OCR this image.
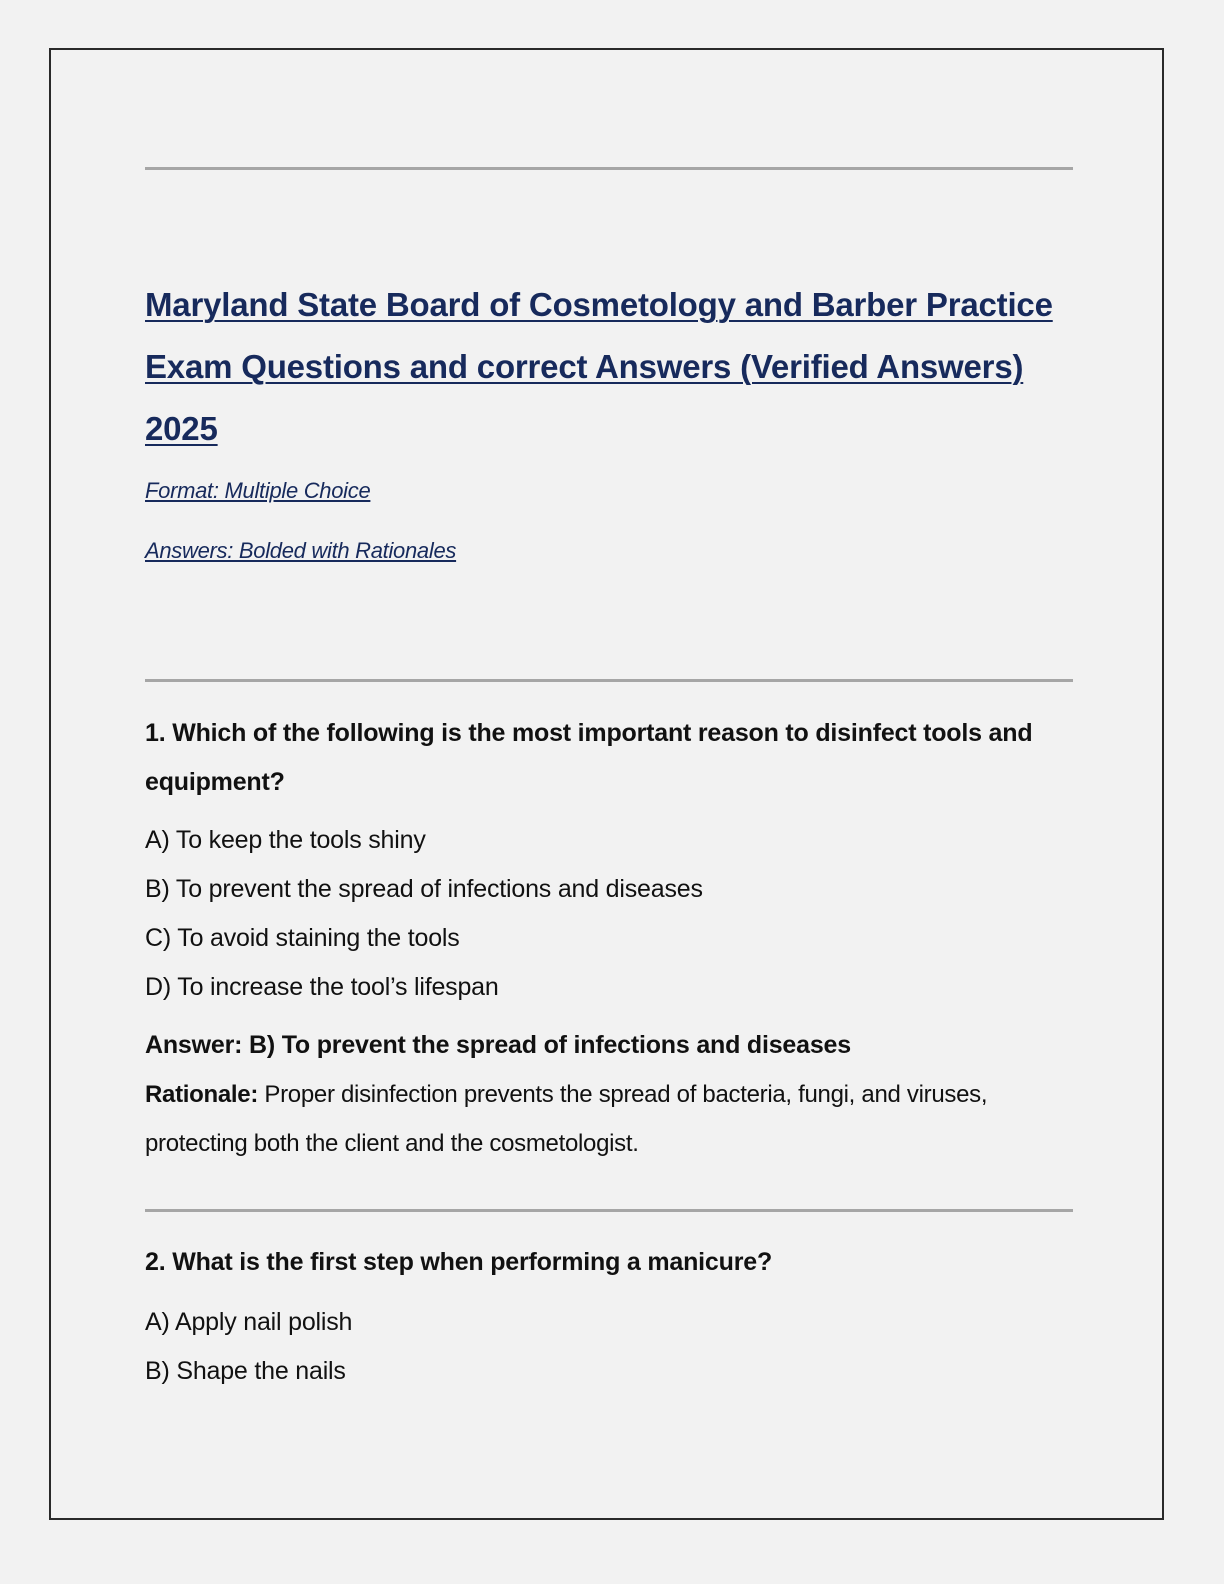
Maryland State Board of Cosmetology and Barber Practice Exam Questions and correct Answers (Verified Answers) 2025
Format: Multiple Choice
Answers: Bolded with Rationales

1. Which of the following is the most important reason to disinfect tools and equipment?

A) To keep the tools shiny
B) To prevent the spread of infections and diseases
C) To avoid staining the tools
D) To increase the tool’s lifespan
Answer: B) To prevent the spread of infections and diseases

Rationale: Proper disinfection prevents the spread of bacteria, fungi, and viruses, protecting both the client and the cosmetologist.

2. What is the first step when performing a manicure?

A) Apply nail polish
B) Shape the nails
